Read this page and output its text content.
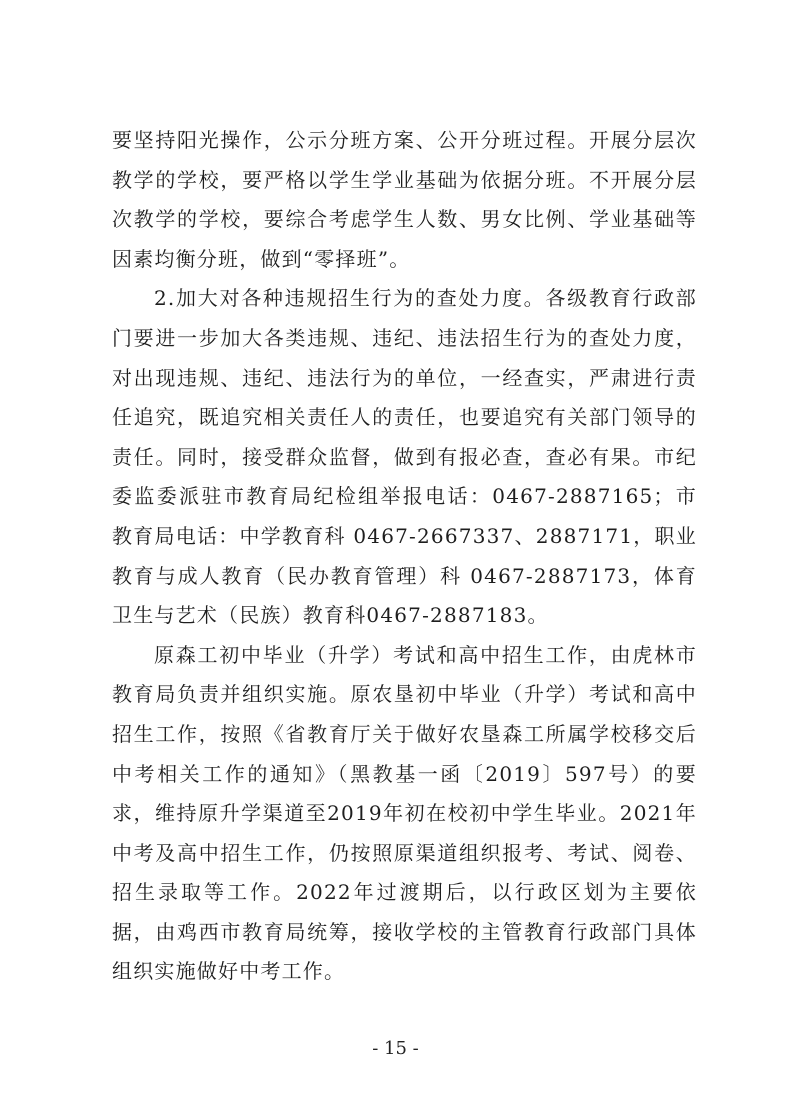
要坚持阳光操作，公示分班方案、公开分班过程。开展分层次教学的学校，要严格以学生学业基础为依据分班。不开展分层次教学的学校，要综合考虑学生人数、男女比例、学业基础等因素均衡分班，做到“零择班”。

2.加大对各种违规招生行为的查处力度。各级教育行政部门要进一步加大各类违规、违纪、违法招生行为的查处力度，对出现违规、违纪、违法行为的单位，一经查实，严肃进行责任追究，既追究相关责任人的责任，也要追究有关部门领导的责任。同时，接受群众监督，做到有报必查，查必有果。市纪委监委派驻市教育局纪检组举报电话：0467-2887165；市教育局电话：中学教育科 0467-2667337、2887171，职业教育与成人教育（民办教育管理）科 0467-2887173，体育卫生与艺术（民族）教育科0467-2887183。

原森工初中毕业（升学）考试和高中招生工作，由虎林市教育局负责并组织实施。原农垦初中毕业（升学）考试和高中招生工作，按照《省教育厅关于做好农垦森工所属学校移交后中考相关工作的通知》（黑教基一函〔2019〕597号）的要求，维持原升学渠道至2019年初在校初中学生毕业。2021年中考及高中招生工作，仍按照原渠道组织报考、考试、阅卷、招生录取等工作。2022年过渡期后，以行政区划为主要依据，由鸡西市教育局统筹，接收学校的主管教育行政部门具体组织实施做好中考工作。

- 15 -
